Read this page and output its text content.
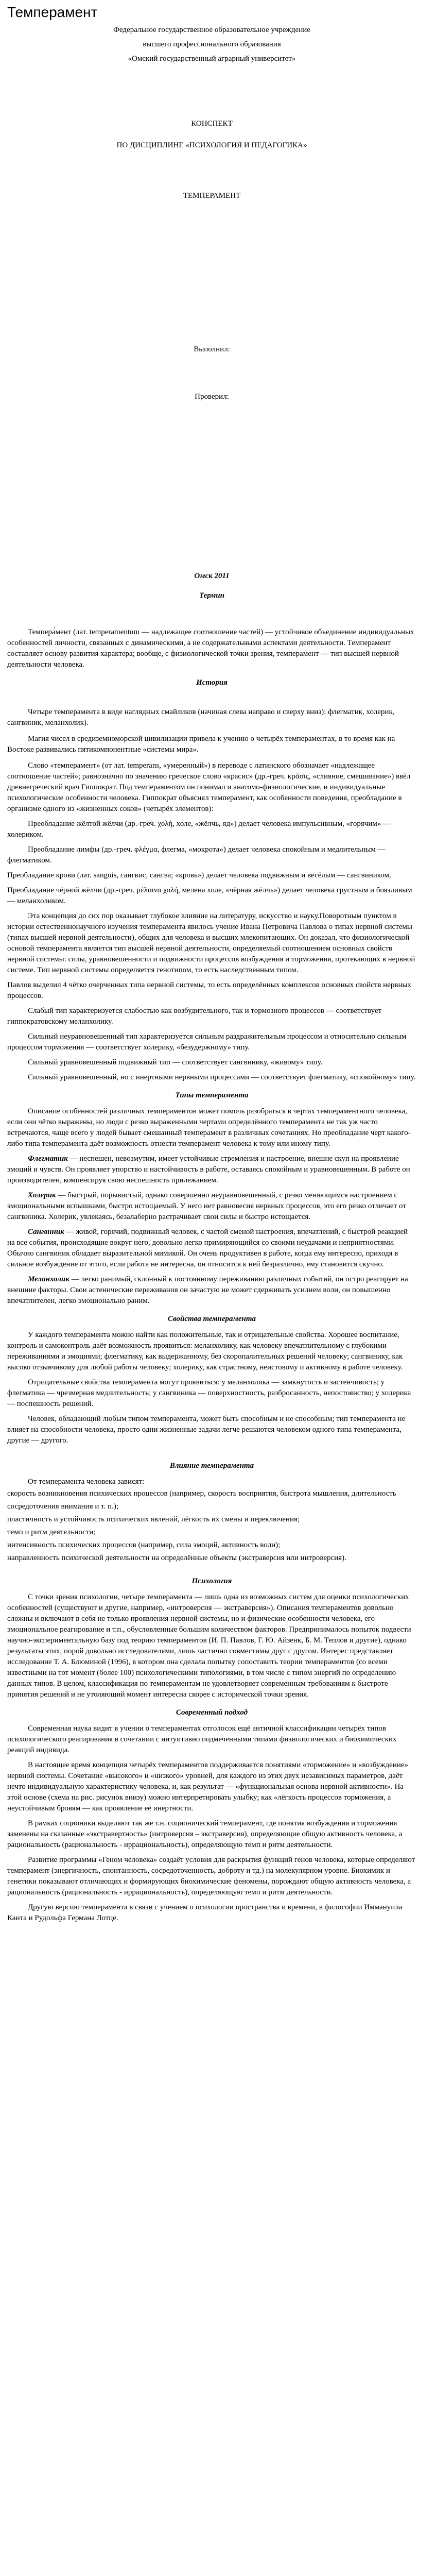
Темперамент

Федеральное государственное образовательное учреждение

высшего профессионального образования

«Омский государственный аграрный университет»

КОНСПЕКТ

ПО ДИСЦИПЛИНЕ «ПСИХОЛОГИЯ И ПЕДАГОГИКА»

ТЕМПЕРАМЕНТ

Выполнил:

Проверил:

Омск 2011

Термин

Темпера́мент (лат. temperamentum — надлежащее соотношение частей) — устойчивое объединение индивидуальных особенностей личности, связанных с динамическими, а не содержательными аспектами деятельности. Темперамент составляет основу развития характера; вообще, с физиологической точки зрения, темперамент — тип высшей нервной деятельности человека.

История

Четыре темперамента в виде наглядных смайликов (начиная слева направо и сверху вниз): флегматик, холерик, сангвиник, меланхолик).

Магия чисел в средиземноморской цивилизации привела к учению о четырёх темпераментах, в то время как на Востоке развивались пятикомпонентные «системы мира».

Слово «темперамент» (от лат. temperans, «умеренный») в переводе с латинского обозначает «надлежащее соотношение частей»; равнозначно по значению греческое слово «красис» (др.-греч. κρᾶσις, «слияние, смешивание») ввёл древнегреческий врач Гиппократ. Под темпераментом он понимал и анатомо-физиологические, и индивидуальные психологические особенности человека. Гиппократ объяснял темперамент, как особенности поведения, преобладание в организме одного из «жизненных соков» (четырёх элементов):

Преобладание жёлтой жёлчи (др.-греч. χολή, холе, «жёлчь, яд») делает человека импульсивным, «горячим» — холериком.

Преобладание лимфы (др.-греч. φλέγμα, флегма, «мокрота») делает человека спокойным и медлительным — флегматиком.

Преобладание крови (лат. sanguis, сангвис, сангва; «кровь») делает человека подвижным и весёлым — сангвиником.

Преобладание чёрной жёлчи (др.-греч. μέλαινα χολή, мелена холе, «чёрная жёлчь») делает человека грустным и боязливым — меланхоликом.

Эта концепция до сих пор оказывает глубокое влияние на литературу, искусство и науку.Поворотным пунктом в истории естественнонаучного изучения темперамента явилось учение Ивана Петровича Павлова о типах нервной системы (типах высшей нервной деятельности), общих для человека и высших млекопитающих. Он доказал, что физиологической основой темперамента является тип высшей нервной деятельности, определяемый соотношением основных свойств нервной системы: силы, уравновешенности и подвижности процессов возбуждения и торможения, протекающих в нервной системе. Тип нервной системы определяется генотипом, то есть наследственным типом.

Павлов выделил 4 чётко очерченных типа нервной системы, то есть определённых комплексов основных свойств нервных процессов.

Слабый тип характеризуется слабостью как возбудительного, так и тормозного процессов — соответствует гиппократовскому меланхолику.

Сильный неуравновешенный тип характеризуется сильным раздражительным процессом и относительно сильным процессом торможения — соответствует холерику, «безудержному» типу.

Сильный уравновешенный подвижный тип — соответствует сангвинику, «живому» типу.

Сильный уравновешенный, но с инертными нервными процессами — соответствует флегматику, «спокойному» типу.

Типы темперамента

Описание особенностей различных темпераментов может помочь разобраться в чертах темпераментного человека, если они чётко выражены, но люди с резко выраженными чертами определённого темперамента не так уж часто встречаются, чаще всего у людей бывает смешанный темперамент в различных сочетаниях. Но преобладание черт какого-либо типа темперамента даёт возможность отнести темперамент человека к тому или иному типу.

Флегматик — неспешен, невозмутим, имеет устойчивые стремления и настроение, внешне скуп на проявление эмоций и чувств. Он проявляет упорство и настойчивость в работе, оставаясь спокойным и уравновешенным. В работе он производителен, компенсируя свою неспешность прилежанием.

Холерик — быстрый, порывистый, однако совершенно неуравновешенный, с резко меняющимся настроением с эмоциональными вспышками, быстро истощаемый. У него нет равновесия нервных процессов, это его резко отличает от сангвиника. Холерик, увлекаясь, безалаберно растрачивает свои силы и быстро истощается.

Сангвиник — живой, горячий, подвижный человек, с частой сменой настроения, впечатлений, с быстрой реакцией на все события, происходящие вокруг него, довольно легко примиряющийся со своими неудачами и неприятностями. Обычно сангвиник обладает выразительной мимикой. Он очень продуктивен в работе, когда ему интересно, приходя в сильное возбуждение от этого, если работа не интересна, он относится к ней безразлично, ему становится скучно.

Меланхолик — легко ранимый, склонный к постоянному переживанию различных событий, он остро реагирует на внешние факторы. Свои астенические переживания он зачастую не может сдерживать усилием воли, он повышенно впечатлителен, легко эмоционально раним.

Свойства темперамента

У каждого темперамента можно найти как положительные, так и отрицательные свойства. Хорошее воспитание, контроль и самоконтроль даёт возможность проявиться: меланхолику, как человеку впечатлительному с глубокими переживаниями и эмоциями; флегматику, как выдержанному, без скоропалительных решений человеку; сангвинику, как высоко отзывчивому для любой работы человеку; холерику, как страстному, неистовому и активному в работе человеку.

Отрицательные свойства темперамента могут проявиться: у меланхолика — замкнутость и застенчивость; у флегматика — чрезмерная медлительность; у сангвиника — поверхностность, разбросанность, непостоянство; у холерика — поспешность решений.

Человек, обладающий любым типом темперамента, может быть способным и не способным; тип темперамента не влияет на способности человека, просто одни жизненные задачи легче решаются человеком одного типа темперамента, другие — другого.

Влияние темперамента

От темперамента человека зависят:

скорость возникновения психических процессов (например, скорость восприятия, быстрота мышления, длительность сосредоточения внимания и т. п.);
пластичность и устойчивость психических явлений, лёгкость их смены и переключения;
темп и ритм деятельности;
интенсивность психических процессов (например, сила эмоций, активность воли);
направленность психической деятельности на определённые объекты (экстраверсия или интроверсия).
Психология

С точки зрения психологии, четыре темперамента — лишь одна из возможных систем для оценки психологических особенностей (существуют и другие, например, «интроверсия — экстраверсия»). Описания темпераментов довольно сложны и включают в себя не только проявления нервной системы, но и физические особенности человека, его эмоциональное реагирование и т.п., обусловленные большим количеством факторов. Предпринималось попыток подвести научно-экспериментальную базу под теорию темпераментов (И. П. Павлов, Г. Ю. Айзенк, Б. М. Теплов и другие), однако результаты этих, порой довольно исследователями, лишь частично совместимы друг с другом. Интерес представляет исследование Т. А. Блюминой (1996), в котором она сделала попытку сопоставить теории темпераментов (со всеми известными на тот момент (более 100) психологическими типологиями, в том числе с типом энергий по определению данных типов. В целом, классификация по темпераментам не удовлетворяет современным требованиям к быстроте принятия решений и не утоляющий момент интересна скорее с исторической точки зрения.

Современный подход

Современная наука видит в учении о темпераментах отголосок ещё античной классификации четырёх типов психологического реагирования в сочетании с интуитивно подмеченными типами физиологических и биохимических реакций индивида.

В настоящее время концепция четырёх темпераментов поддерживается понятиями «торможение» и «возбуждение» нервной системы. Сочетание «высокого» и «низкого» уровней, для каждого из этих двух независимых параметров, даёт нечто индивидуальную характеристику человека, и, как результат — «функциональная основа нервной активности». На этой основе (схема на рис. рисунок внизу) можно интерпретировать улыбку; как «лёгкость процессов торможения, а неустойчивым бровям — как проявление её инертности.

В рамках соционики выделяют так же т.н. соционический темперамент, где понятия возбуждения и торможения заменены на сказанные «экстравертность» (интроверсия – экстраверсия), определяющие общую активность человека, а рациональность (рациональность - иррациональность), определяющую темп и ритм деятельности.

Развитие программы «Геном человека» создаёт условия для раскрытия функций генов человека, которые определяют темперамент (энергичность, спонтанность, сосредоточенность, доброту и тд.) на молекулярном уровне. Биохимик и генетики показывают отличающих и формирующих биохимические феномены, порождают общую активность человека, а рациональность (рациональность - иррациональность), определяющую темп и ритм деятельности.

Другую версию темперамента в связи с учением о психологии пространства и времени, в философии Иммануила Канта и Рудольфа Германа Лотце.
